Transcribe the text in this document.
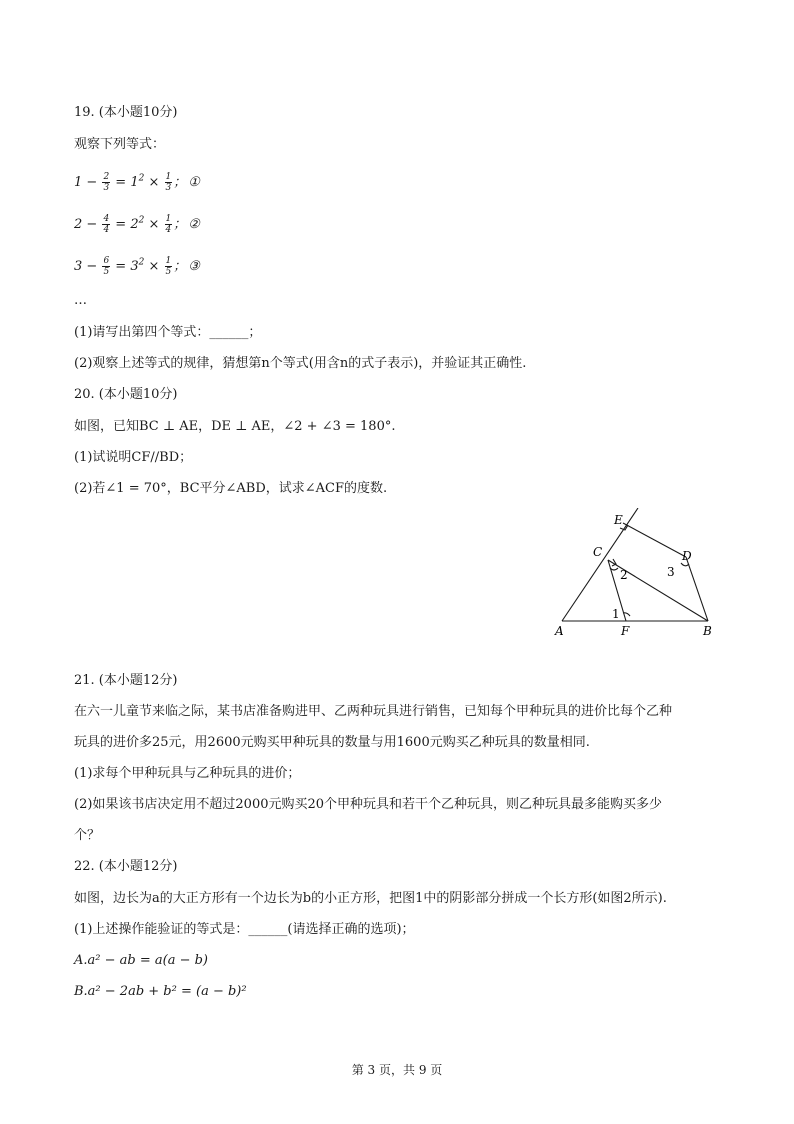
19. (本小题10分)
观察下列等式：
$1 - \frac{2}{3} = 1^2 \times \frac{1}{3}$ ； ①
$2 - \frac{4}{4} = 2^2 \times \frac{1}{4}$ ； ②
$3 - \frac{6}{5} = 3^2 \times \frac{1}{5}$ ； ③
…
(1)请写出第四个等式：______；
(2)观察上述等式的规律，猜想第n个等式(用含n的式子表示)，并验证其正确性.
20. (本小题10分)
如图，已知BC ⊥ AE，DE ⊥ AE，∠2 + ∠3 = 180°.
(1)试说明CF//BD；
(2)若∠1 = 70°，BC平分∠ABD，试求∠ACF的度数.
E
C	D
A	F	B
1
2	3
21. (本小题12分)
在六一儿童节来临之际，某书店准备购进甲、乙两种玩具进行销售，已知每个甲种玩具的进价比每个乙种
玩具的进价多25元，用2600元购买甲种玩具的数量与用1600元购买乙种玩具的数量相同.
(1)求每个甲种玩具与乙种玩具的进价；
(2)如果该书店决定用不超过2000元购买20个甲种玩具和若干个乙种玩具，则乙种玩具最多能购买多少
个？
22. (本小题12分)
如图，边长为a的大正方形有一个边长为b的小正方形，把图1中的阴影部分拼成一个长方形(如图2所示).
(1)上述操作能验证的等式是：______(请选择正确的选项)；
A.a² − ab = a(a − b)
B.a² − 2ab + b² = (a − b)²
第 3 页，共 9 页
